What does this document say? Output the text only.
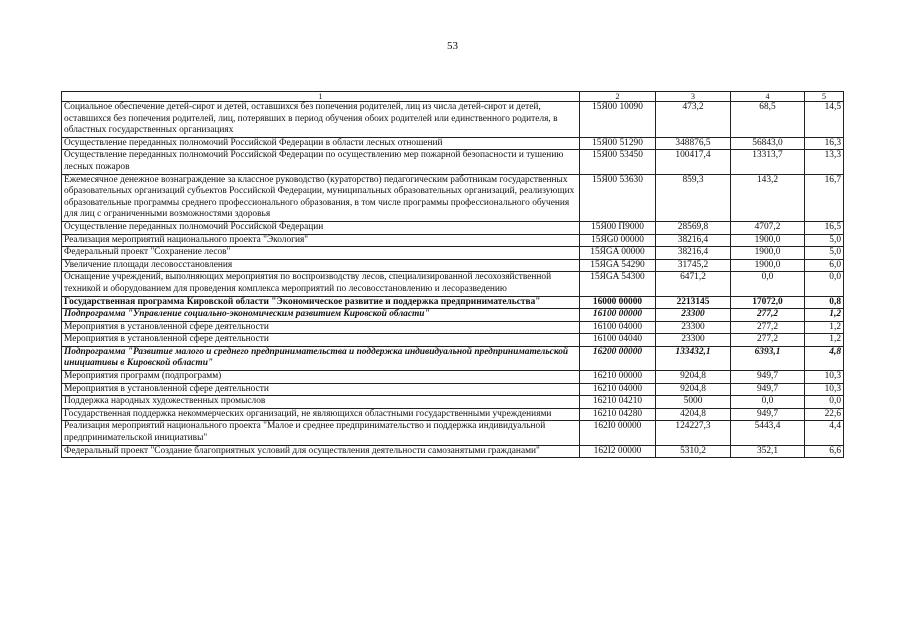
53
1	2	3	4	5
Социальное обеспечение детей-сирот и детей, оставшихся без попечения родителей, лиц из числа детей-сирот и детей, оставшихся без попечения родителей, лиц, потерявших в период обучения обоих родителей или единственного родителя, в областных государственных организациях	15Я00 10090	473,2	68,5	14,5
Осуществление переданных полномочий Российской Федерации в области лесных отношений	15Я00 51290	348876,5	56843,0	16,3
Осуществление переданных полномочий Российской Федерации по осуществлению мер пожарной безопасности и тушению лесных пожаров	15Я00 53450	100417,4	13313,7	13,3
Ежемесячное денежное вознаграждение за классное руководство (кураторство) педагогическим работникам государственных образовательных организаций субъектов Российской Федерации, муниципальных образовательных организаций, реализующих образовательные программы среднего профессионального образования, в том числе программы профессионального обучения для лиц с ограниченными возможностями здоровья	15Я00 53630	859,3	143,2	16,7
Осуществление переданных полномочий Российской Федерации	15Я00 П9000	28569,8	4707,2	16,5
Реализация мероприятий национального проекта "Экология"	15ЯG0 00000	38216,4	1900,0	5,0
Федеральный проект "Сохранение лесов"	15ЯGA 00000	38216,4	1900,0	5,0
Увеличение площади лесовосстановления	15ЯGA 54290	31745,2	1900,0	6,0
Оснащение учреждений, выполняющих мероприятия по воспроизводству лесов, специализированной лесохозяйственной техникой и оборудованием для проведения комплекса мероприятий по лесовосстановлению и лесоразведению	15ЯGA 54300	6471,2	0,0	0,0
Государственная программа Кировской области "Экономическое развитие и поддержка предпринимательства"	16000 00000	2213145	17072,0	0,8
Подпрограмма "Управление социально-экономическим развитием Кировской области"	16100 00000	23300	277,2	1,2
Мероприятия в установленной сфере деятельности	16100 04000	23300	277,2	1,2
Мероприятия в установленной сфере деятельности	16100 04040	23300	277,2	1,2
Подпрограмма "Развитие малого и среднего предпринимательства и поддержка индивидуальной предпринимательской инициативы в Кировской области"	16200 00000	133432,1	6393,1	4,8
Мероприятия программ (подпрограмм)	16210 00000	9204,8	949,7	10,3
Мероприятия в установленной сфере деятельности	16210 04000	9204,8	949,7	10,3
Поддержка народных художественных промыслов	16210 04210	5000	0,0	0,0
Государственная поддержка некоммерческих организаций, не являющихся областными государственными учреждениями	16210 04280	4204,8	949,7	22,6
Реализация мероприятий национального проекта "Малое и среднее предпринимательство и поддержка индивидуальной предпринимательской инициативы"	162I0 00000	124227,3	5443,4	4,4
Федеральный проект "Создание благоприятных условий для осуществления деятельности самозанятыми гражданами"	162I2 00000	5310,2	352,1	6,6
